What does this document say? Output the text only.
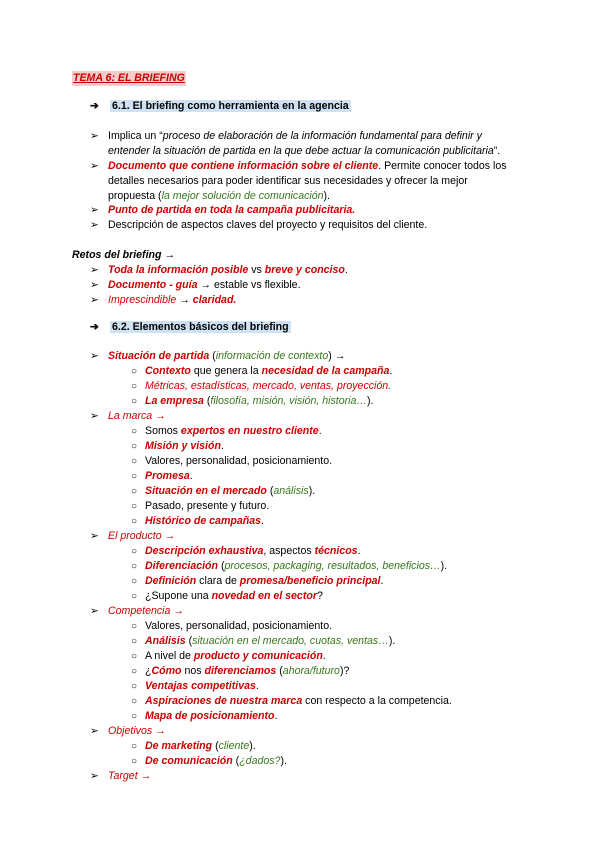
TEMA 6: EL BRIEFING
➔ 6.1. El briefing como herramienta en la agencia
➢ Implica un “proceso de elaboración de la información fundamental para definir y entender la situación de partida en la que debe actuar la comunicación publicitaria”.
➢ Documento que contiene información sobre el cliente. Permite conocer todos los detalles necesarios para poder identificar sus necesidades y ofrecer la mejor propuesta (la mejor solución de comunicación).
➢ Punto de partida en toda la campaña publicitaria.
➢ Descripción de aspectos claves del proyecto y requisitos del cliente.
Retos del briefing →
➢ Toda la información posible vs breve y conciso.
➢ Documento - guía → estable vs flexible.
➢ Imprescindible → claridad.
➔ 6.2. Elementos básicos del briefing
➢ Situación de partida (información de contexto) →
○ Contexto que genera la necesidad de la campaña.
○ Métricas, estadísticas, mercado, ventas, proyección.
○ La empresa (filosofía, misión, visión, historia…).
➢ La marca →
○ Somos expertos en nuestro cliente.
○ Misión y visión.
○ Valores, personalidad, posicionamiento.
○ Promesa.
○ Situación en el mercado (análisis).
○ Pasado, presente y futuro.
○ Histórico de campañas.
➢ El producto →
○ Descripción exhaustiva, aspectos técnicos.
○ Diferenciación (procesos, packaging, resultados, beneficios…).
○ Definición clara de promesa/beneficio principal.
○ ¿Supone una novedad en el sector?
➢ Competencia →
○ Valores, personalidad, posicionamiento.
○ Análisis (situación en el mercado, cuotas, ventas…).
○ A nivel de producto y comunicación.
○ ¿Cómo nos diferenciamos (ahora/futuro)?
○ Ventajas competitivas.
○ Aspiraciones de nuestra marca con respecto a la competencia.
○ Mapa de posicionamiento.
➢ Objetivos →
○ De marketing (cliente).
○ De comunicación (¿dados?).
➢ Target →
